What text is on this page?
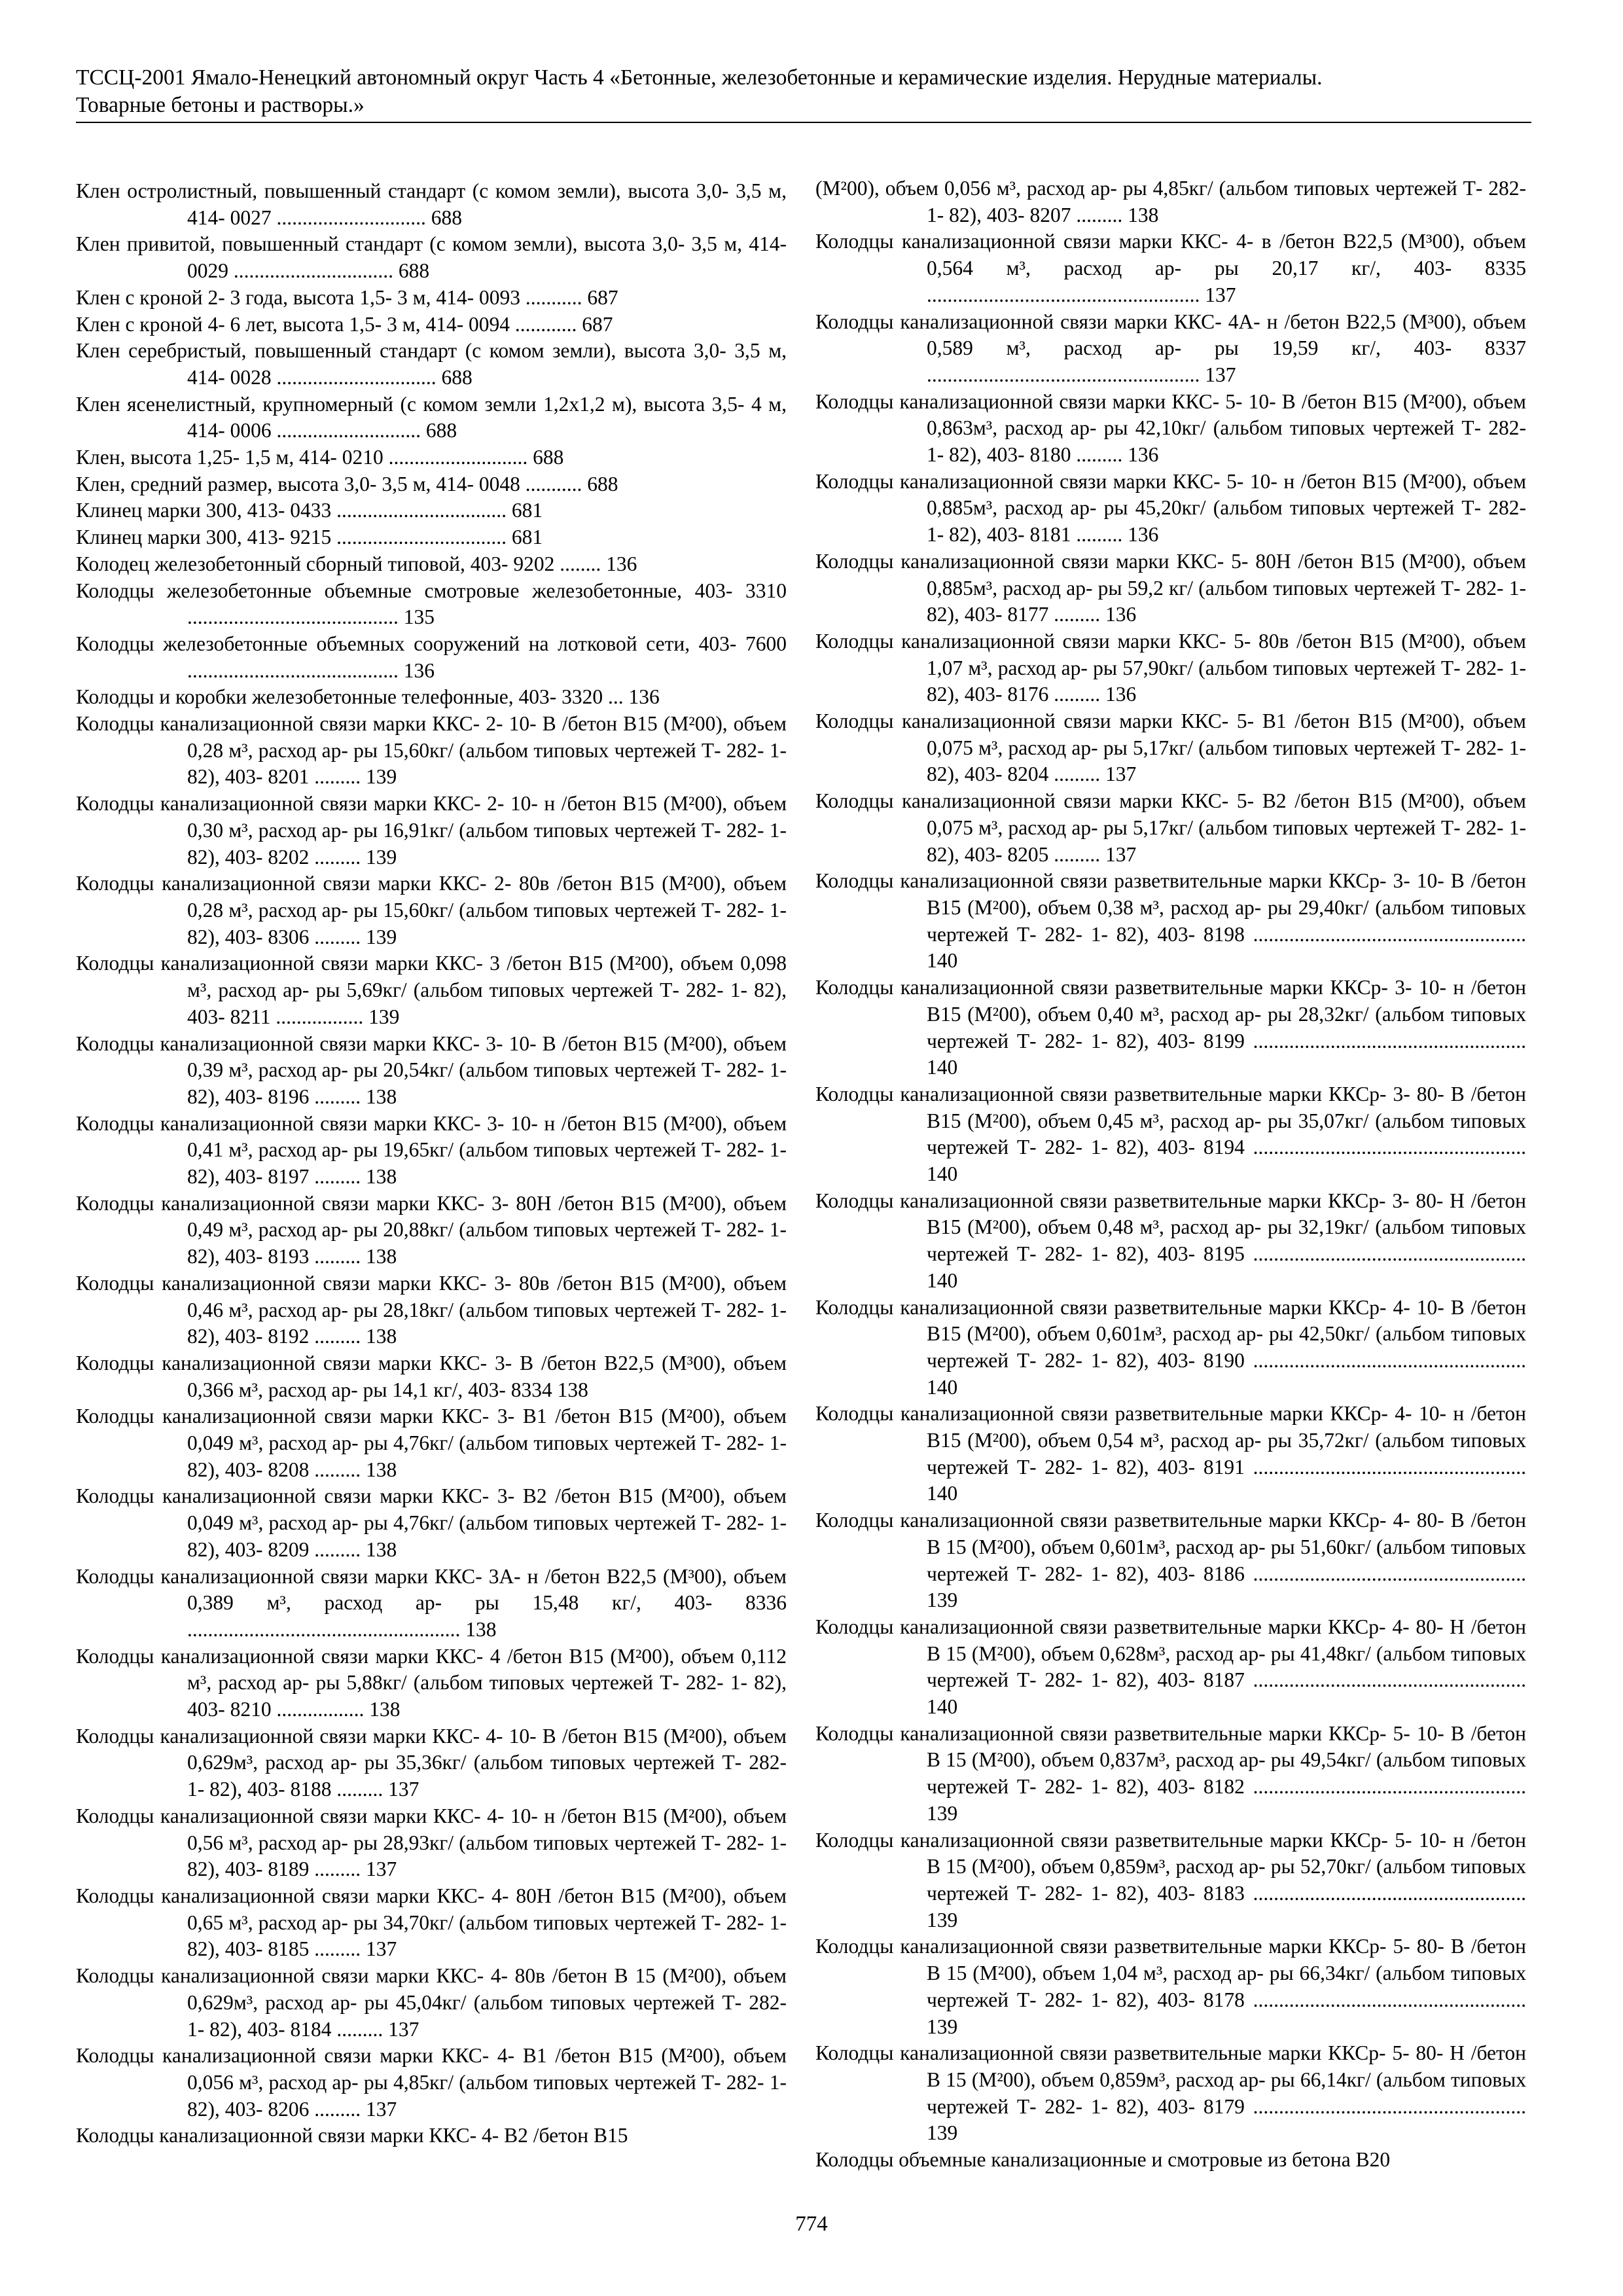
ТССЦ-2001 Ямало-Ненецкий автономный округ Часть 4 «Бетонные, железобетонные и керамические изделия. Нерудные материалы.
Товарные бетоны и растворы.»

Клен остролистный, повышенный стандарт (с комом земли), высота 3,0- 3,5 м, 414- 0027 ............................. 688

Клен привитой, повышенный стандарт (с комом земли), высота 3,0- 3,5 м, 414- 0029 ............................... 688

Клен с кроной 2- 3 года, высота 1,5- 3 м, 414- 0093 ........... 687

Клен с кроной 4- 6 лет, высота 1,5- 3 м, 414- 0094 ............ 687

Клен серебристый, повышенный стандарт (с комом земли), высота 3,0- 3,5 м, 414- 0028 ............................... 688

Клен ясенелистный, крупномерный (с комом земли 1,2х1,2 м), высота 3,5- 4 м, 414- 0006 ............................ 688

Клен, высота 1,25- 1,5 м, 414- 0210 ........................... 688

Клен, средний размер, высота 3,0- 3,5 м, 414- 0048 ........... 688

Клинец марки 300, 413- 0433 ................................. 681

Клинец марки 300, 413- 9215 ................................. 681

Колодец железобетонный сборный типовой, 403- 9202 ........ 136

Колодцы железобетонные объемные смотровые железобетонные, 403- 3310 ......................................... 135

Колодцы железобетонные объемных сооружений на лотковой сети, 403- 7600 ......................................... 136

Колодцы и коробки железобетонные телефонные, 403- 3320 ... 136

Колодцы канализационной связи марки ККС- 2- 10- В /бетон В15 (М²00), объем 0,28 м³, расход ар- ры 15,60кг/ (альбом типовых чертежей Т- 282- 1- 82), 403- 8201 ......... 139

Колодцы канализационной связи марки ККС- 2- 10- н /бетон В15 (М²00), объем 0,30 м³, расход ар- ры 16,91кг/ (альбом типовых чертежей Т- 282- 1- 82), 403- 8202 ......... 139

Колодцы канализационной связи марки ККС- 2- 80в /бетон В15 (М²00), объем 0,28 м³, расход ар- ры 15,60кг/ (альбом типовых чертежей Т- 282- 1- 82), 403- 8306 ......... 139

Колодцы канализационной связи марки ККС- 3 /бетон В15 (М²00), объем 0,098 м³, расход ар- ры 5,69кг/ (альбом типовых чертежей Т- 282- 1- 82), 403- 8211 ................. 139

Колодцы канализационной связи марки ККС- 3- 10- В /бетон В15 (М²00), объем 0,39 м³, расход ар- ры 20,54кг/ (альбом типовых чертежей Т- 282- 1- 82), 403- 8196 ......... 138

Колодцы канализационной связи марки ККС- 3- 10- н /бетон В15 (М²00), объем 0,41 м³, расход ар- ры 19,65кг/ (альбом типовых чертежей Т- 282- 1- 82), 403- 8197 ......... 138

Колодцы канализационной связи марки ККС- 3- 80Н /бетон В15 (М²00), объем 0,49 м³, расход ар- ры 20,88кг/ (альбом типовых чертежей Т- 282- 1- 82), 403- 8193 ......... 138

Колодцы канализационной связи марки ККС- 3- 80в /бетон В15 (М²00), объем 0,46 м³, расход ар- ры 28,18кг/ (альбом типовых чертежей Т- 282- 1- 82), 403- 8192 ......... 138

Колодцы канализационной связи марки ККС- 3- В /бетон В22,5 (М³00), объем 0,366 м³, расход ар- ры 14,1 кг/, 403- 8334 138

Колодцы канализационной связи марки ККС- 3- В1 /бетон В15 (М²00), объем 0,049 м³, расход ар- ры 4,76кг/ (альбом типовых чертежей Т- 282- 1- 82), 403- 8208 ......... 138

Колодцы канализационной связи марки ККС- 3- В2 /бетон В15 (М²00), объем 0,049 м³, расход ар- ры 4,76кг/ (альбом типовых чертежей Т- 282- 1- 82), 403- 8209 ......... 138

Колодцы канализационной связи марки ККС- 3А- н /бетон В22,5 (М³00), объем 0,389 м³, расход ар- ры 15,48 кг/, 403- 8336 ..................................................... 138

Колодцы канализационной связи марки ККС- 4 /бетон В15 (М²00), объем 0,112 м³, расход ар- ры 5,88кг/ (альбом типовых чертежей Т- 282- 1- 82), 403- 8210 ................. 138

Колодцы канализационной связи марки ККС- 4- 10- В /бетон В15 (М²00), объем 0,629м³, расход ар- ры 35,36кг/ (альбом типовых чертежей Т- 282- 1- 82), 403- 8188 ......... 137

Колодцы канализационной связи марки ККС- 4- 10- н /бетон В15 (М²00), объем 0,56 м³, расход ар- ры 28,93кг/ (альбом типовых чертежей Т- 282- 1- 82), 403- 8189 ......... 137

Колодцы канализационной связи марки ККС- 4- 80Н /бетон В15 (М²00), объем 0,65 м³, расход ар- ры 34,70кг/ (альбом типовых чертежей Т- 282- 1- 82), 403- 8185 ......... 137

Колодцы канализационной связи марки ККС- 4- 80в /бетон В 15 (М²00), объем 0,629м³, расход ар- ры 45,04кг/ (альбом типовых чертежей Т- 282- 1- 82), 403- 8184 ......... 137

Колодцы канализационной связи марки ККС- 4- В1 /бетон В15 (М²00), объем 0,056 м³, расход ар- ры 4,85кг/ (альбом типовых чертежей Т- 282- 1- 82), 403- 8206 ......... 137

Колодцы канализационной связи марки ККС- 4- В2 /бетон В15

(М²00), объем 0,056 м³, расход ар- ры 4,85кг/ (альбом типовых чертежей Т- 282- 1- 82), 403- 8207 ......... 138

Колодцы канализационной связи марки ККС- 4- в /бетон В22,5 (М³00), объем 0,564 м³, расход ар- ры 20,17 кг/, 403- 8335 ..................................................... 137

Колодцы канализационной связи марки ККС- 4А- н /бетон В22,5 (М³00), объем 0,589 м³, расход ар- ры 19,59 кг/, 403- 8337 ..................................................... 137

Колодцы канализационной связи марки ККС- 5- 10- В /бетон В15 (М²00), объем 0,863м³, расход ар- ры 42,10кг/ (альбом типовых чертежей Т- 282- 1- 82), 403- 8180 ......... 136

Колодцы канализационной связи марки ККС- 5- 10- н /бетон В15 (М²00), объем 0,885м³, расход ар- ры 45,20кг/ (альбом типовых чертежей Т- 282- 1- 82), 403- 8181 ......... 136

Колодцы канализационной связи марки ККС- 5- 80Н /бетон В15 (М²00), объем 0,885м³, расход ар- ры 59,2 кг/ (альбом типовых чертежей Т- 282- 1- 82), 403- 8177 ......... 136

Колодцы канализационной связи марки ККС- 5- 80в /бетон В15 (М²00), объем 1,07 м³, расход ар- ры 57,90кг/ (альбом типовых чертежей Т- 282- 1- 82), 403- 8176 ......... 136

Колодцы канализационной связи марки ККС- 5- В1 /бетон В15 (М²00), объем 0,075 м³, расход ар- ры 5,17кг/ (альбом типовых чертежей Т- 282- 1- 82), 403- 8204 ......... 137

Колодцы канализационной связи марки ККС- 5- В2 /бетон В15 (М²00), объем 0,075 м³, расход ар- ры 5,17кг/ (альбом типовых чертежей Т- 282- 1- 82), 403- 8205 ......... 137

Колодцы канализационной связи разветвительные марки ККСр- 3- 10- В /бетон В15 (М²00), объем 0,38 м³, расход ар- ры 29,40кг/ (альбом типовых чертежей Т- 282- 1- 82), 403- 8198 ..................................................... 140

Колодцы канализационной связи разветвительные марки ККСр- 3- 10- н /бетон В15 (М²00), объем 0,40 м³, расход ар- ры 28,32кг/ (альбом типовых чертежей Т- 282- 1- 82), 403- 8199 ..................................................... 140

Колодцы канализационной связи разветвительные марки ККСр- 3- 80- В /бетон В15 (М²00), объем 0,45 м³, расход ар- ры 35,07кг/ (альбом типовых чертежей Т- 282- 1- 82), 403- 8194 ..................................................... 140

Колодцы канализационной связи разветвительные марки ККСр- 3- 80- Н /бетон В15 (М²00), объем 0,48 м³, расход ар- ры 32,19кг/ (альбом типовых чертежей Т- 282- 1- 82), 403- 8195 ..................................................... 140

Колодцы канализационной связи разветвительные марки ККСр- 4- 10- В /бетон В15 (М²00), объем 0,601м³, расход ар- ры 42,50кг/ (альбом типовых чертежей Т- 282- 1- 82), 403- 8190 ..................................................... 140

Колодцы канализационной связи разветвительные марки ККСр- 4- 10- н /бетон В15 (М²00), объем 0,54 м³, расход ар- ры 35,72кг/ (альбом типовых чертежей Т- 282- 1- 82), 403- 8191 ..................................................... 140

Колодцы канализационной связи разветвительные марки ККСр- 4- 80- В /бетон В 15 (М²00), объем 0,601м³, расход ар- ры 51,60кг/ (альбом типовых чертежей Т- 282- 1- 82), 403- 8186 ..................................................... 139

Колодцы канализационной связи разветвительные марки ККСр- 4- 80- Н /бетон В 15 (М²00), объем 0,628м³, расход ар- ры 41,48кг/ (альбом типовых чертежей Т- 282- 1- 82), 403- 8187 ..................................................... 140

Колодцы канализационной связи разветвительные марки ККСр- 5- 10- В /бетон В 15 (М²00), объем 0,837м³, расход ар- ры 49,54кг/ (альбом типовых чертежей Т- 282- 1- 82), 403- 8182 ..................................................... 139

Колодцы канализационной связи разветвительные марки ККСр- 5- 10- н /бетон В 15 (М²00), объем 0,859м³, расход ар- ры 52,70кг/ (альбом типовых чертежей Т- 282- 1- 82), 403- 8183 ..................................................... 139

Колодцы канализационной связи разветвительные марки ККСр- 5- 80- В /бетон В 15 (М²00), объем 1,04 м³, расход ар- ры 66,34кг/ (альбом типовых чертежей Т- 282- 1- 82), 403- 8178 ..................................................... 139

Колодцы канализационной связи разветвительные марки ККСр- 5- 80- Н /бетон В 15 (М²00), объем 0,859м³, расход ар- ры 66,14кг/ (альбом типовых чертежей Т- 282- 1- 82), 403- 8179 ..................................................... 139

Колодцы объемные канализационные и смотровые из бетона В20

774
